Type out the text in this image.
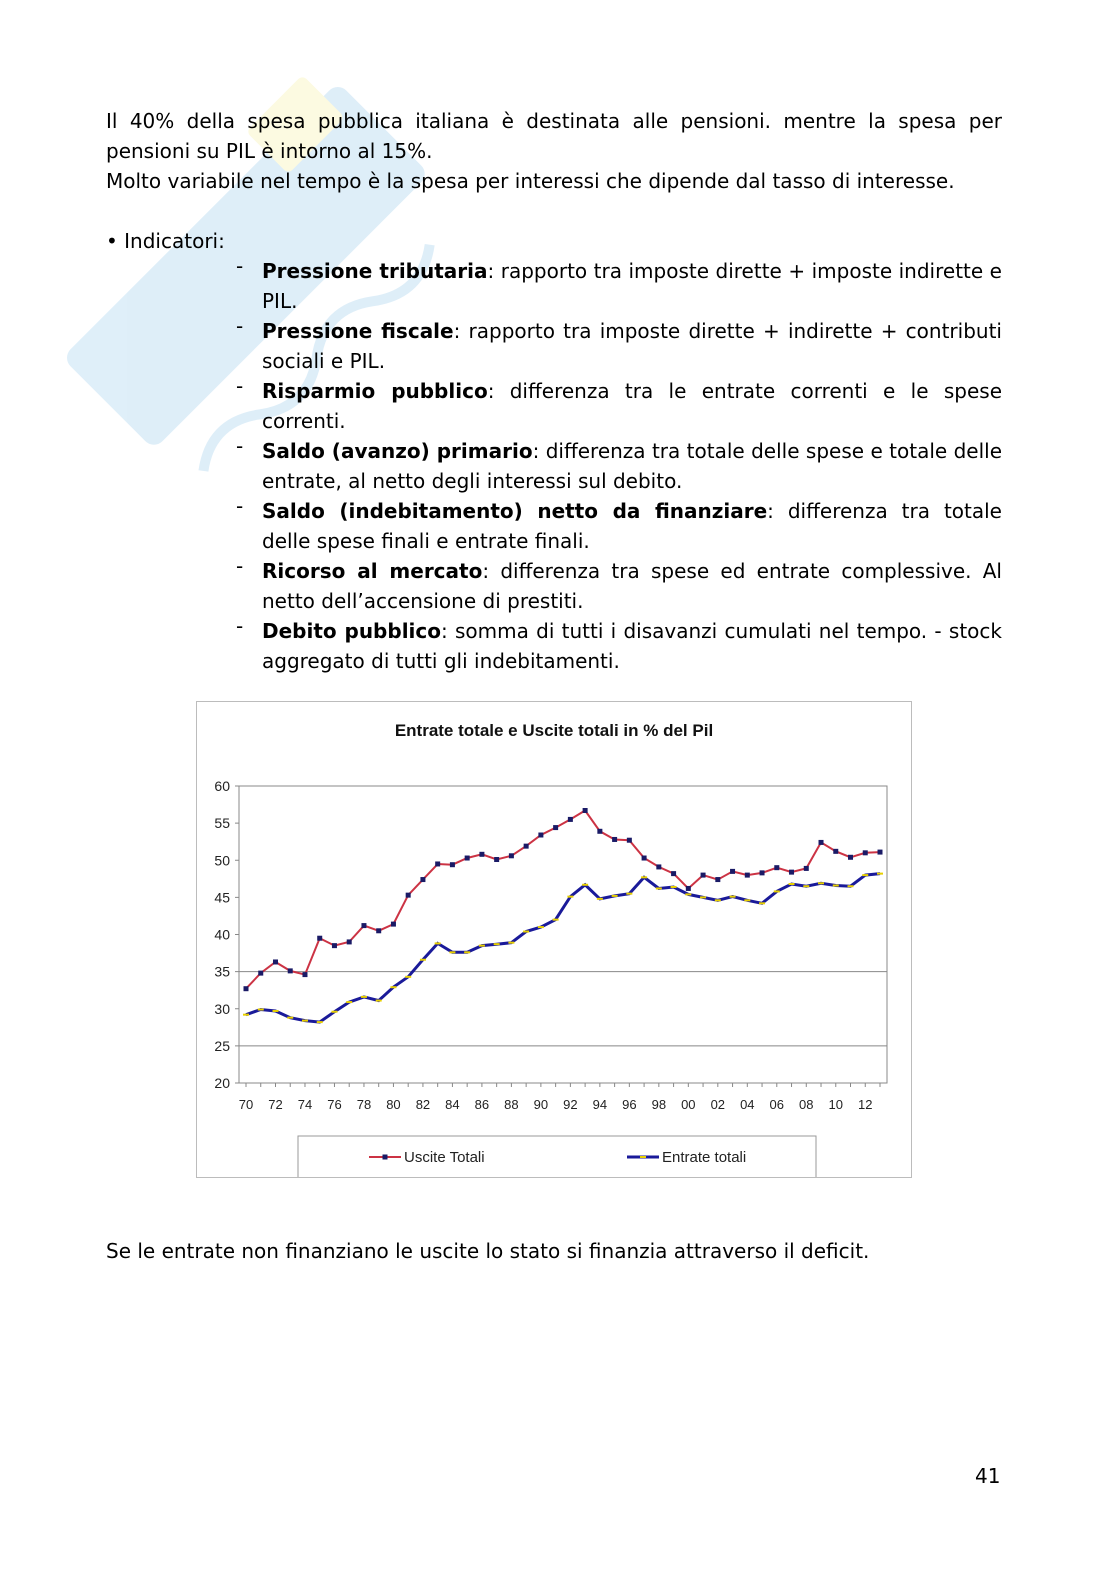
Il 40% della spesa pubblica italiana è destinata alle pensioni. mentre la spesa per
pensioni su PIL è intorno al 15%.
Molto variabile nel tempo è la spesa per interessi che dipende dal tasso di interesse.
• Indicatori:
- Pressione tributaria: rapporto tra imposte dirette + imposte indirette e PIL.
- Pressione fiscale: rapporto tra imposte dirette + indirette + contributi sociali e PIL.
- Risparmio pubblico: differenza tra le entrate correnti e le spese correnti.
- Saldo (avanzo) primario: differenza tra totale delle spese e totale delle entrate, al netto degli interessi sul debito.
- Saldo (indebitamento) netto da finanziare: differenza tra totale delle spese finali e entrate finali.
- Ricorso al mercato: differenza tra spese ed entrate complessive. Al netto dell’accensione di prestiti.
- Debito pubblico: somma di tutti i disavanzi cumulati nel tempo. - stock aggregato di tutti gli indebitamenti.
Entrate totale e Uscite totali in % del Pil
20
25
30
35
40
45
50
55
60
70 72 74 76 78 80 82 84 86 88 90 92 94 96 98 00 02 04 06 08 10 12
Uscite Totali	Entrate totali
Se le entrate non finanziano le uscite lo stato si finanzia attraverso il deficit.
41
